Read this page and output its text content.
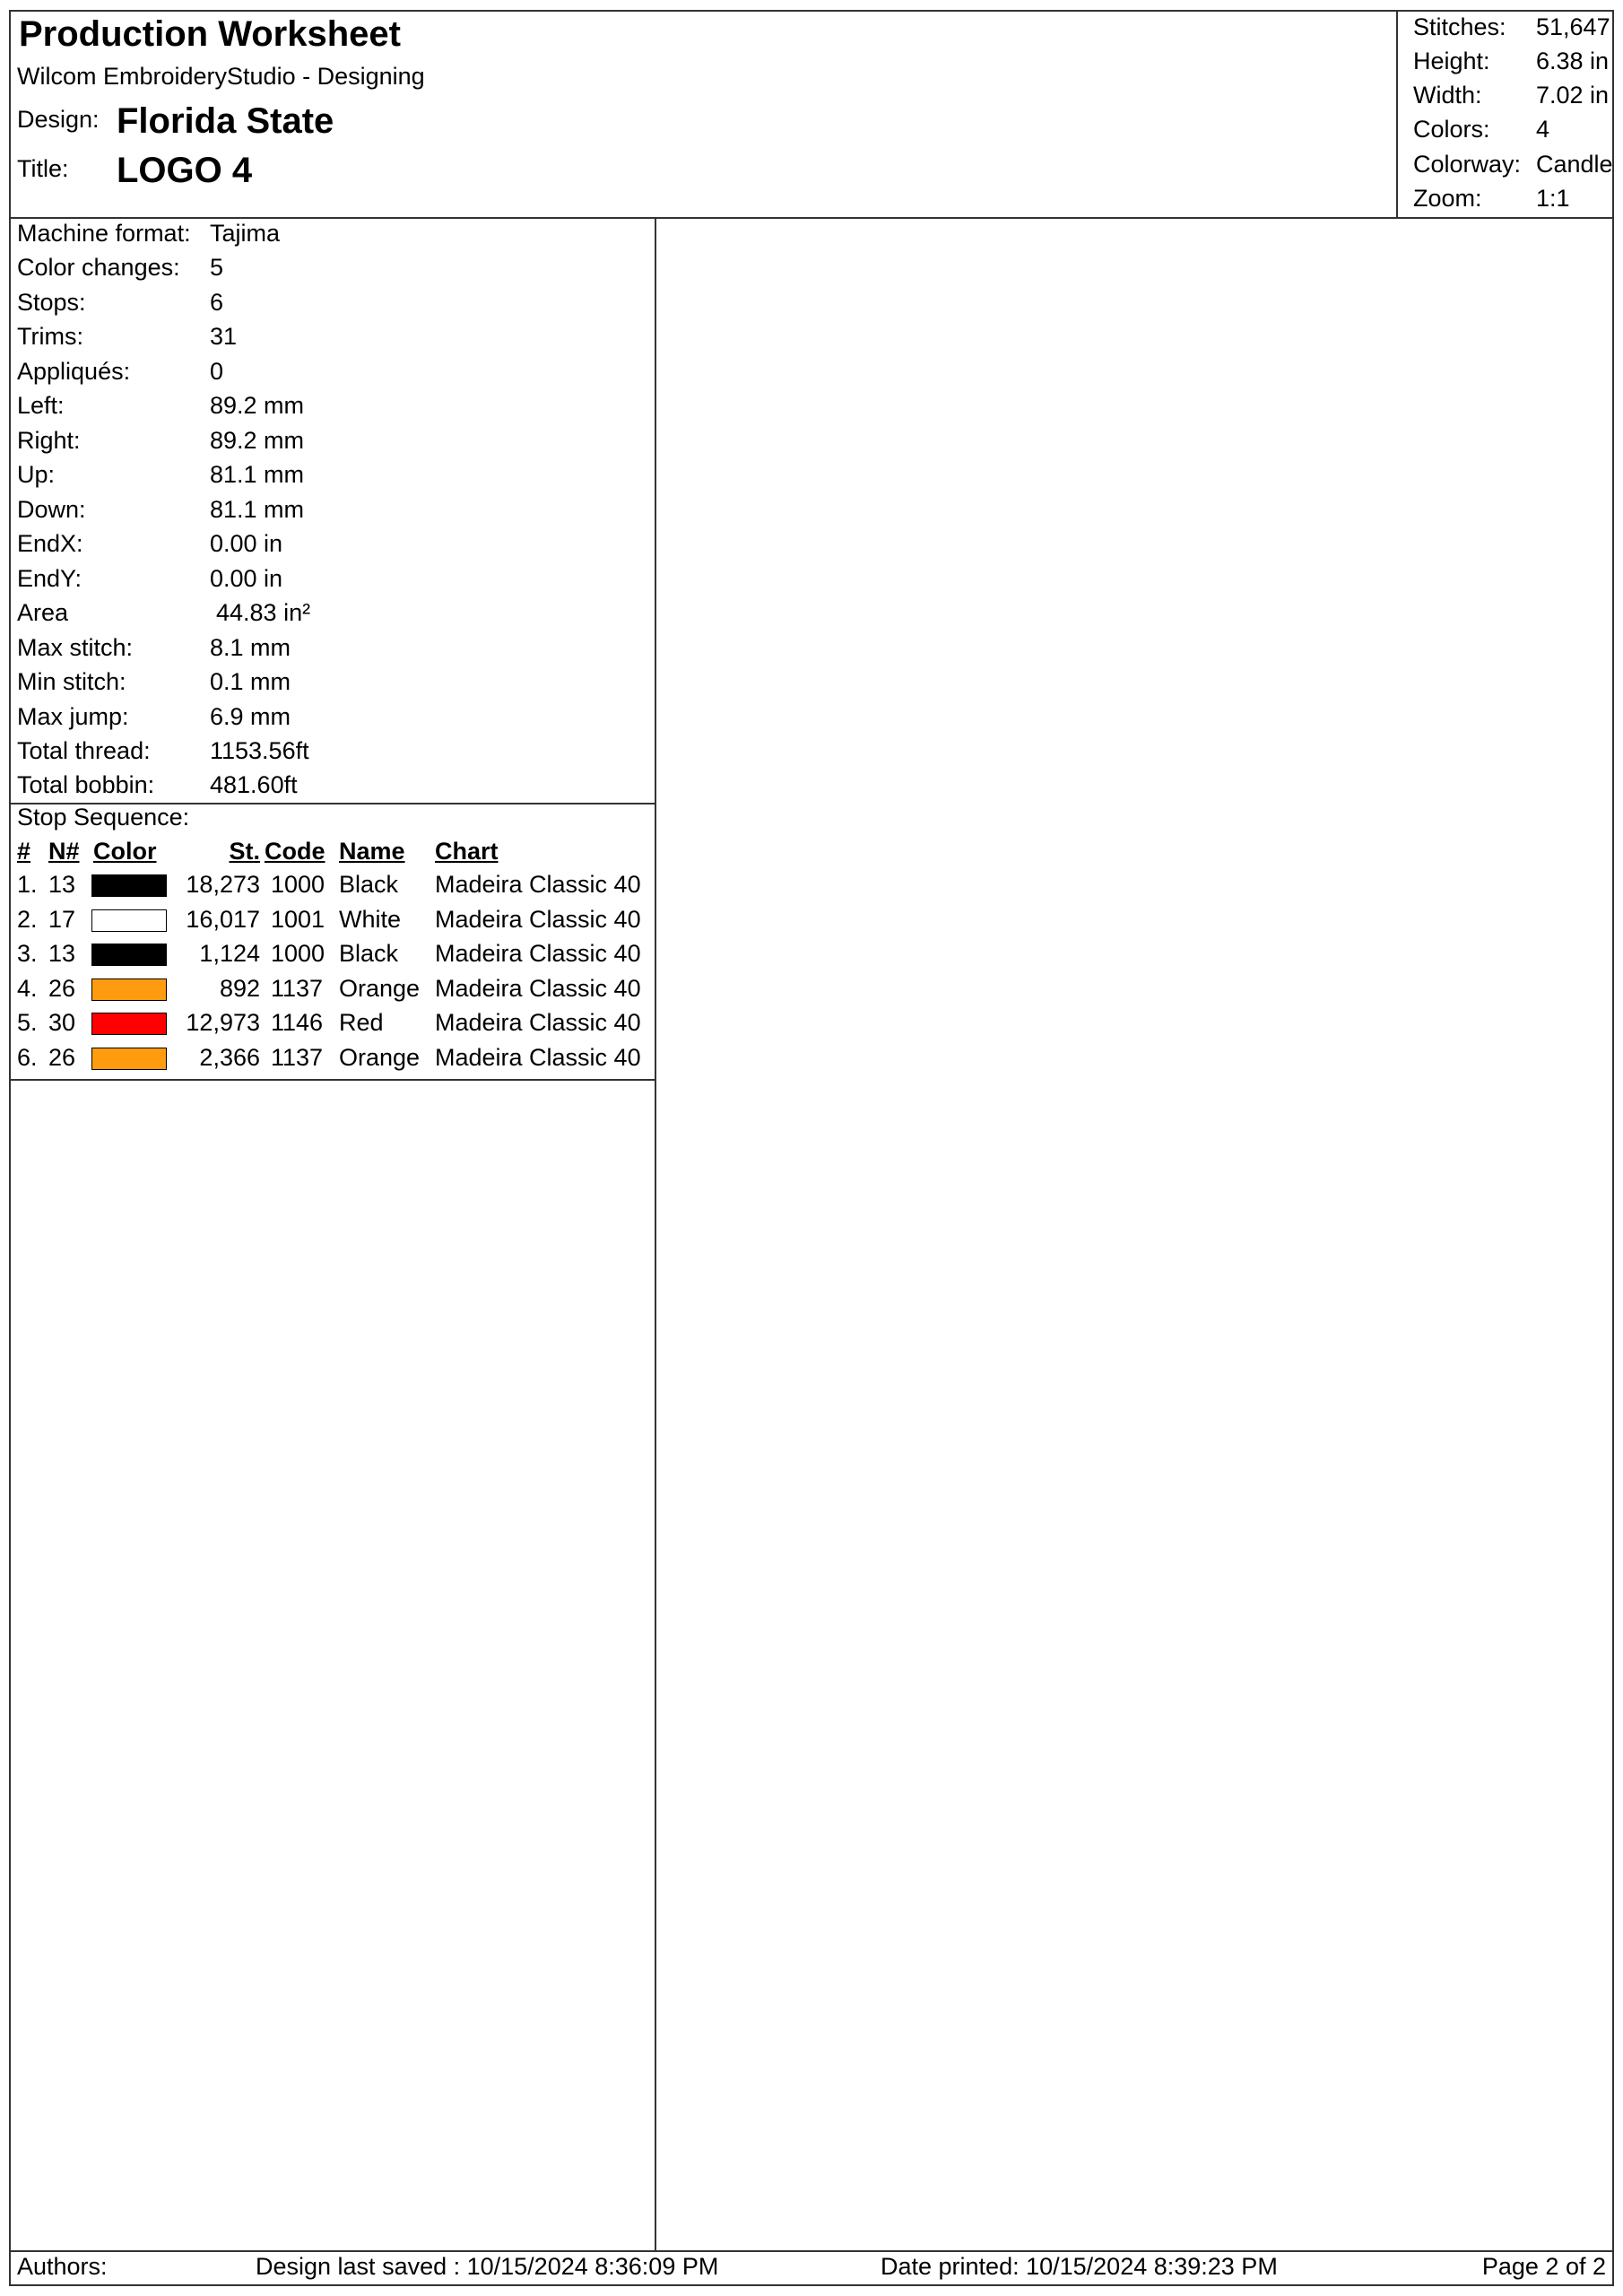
Production Worksheet
Wilcom EmbroideryStudio - Designing
Design: Florida State
Title: LOGO 4
Stitches: 51,647
Height: 6.38 in
Width: 7.02 in
Colors: 4
Colorway: Candle
Zoom: 1:1
Machine format: Tajima
Color changes: 5
Stops:	6
Trims:	31
Appliqués:	0
Left:	89.2 mm
Right:	89.2 mm
Up:	81.1 mm
Down:	81.1 mm
EndX:	0.00 in
EndY:	0.00 in
Area	44.83 in²
Max stitch:	8.1 mm
Min stitch:	0.1 mm
Max jump:	6.9 mm
Total thread: 1153.56ft
Total bobbin: 481.60ft
Stop Sequence:
# N# Color	St. Code Name Chart
1. 13	18,273 1000 Black Madeira Classic 40
2. 17	16,017 1001 White Madeira Classic 40
3. 13	1,124 1000 Black Madeira Classic 40
4. 26	892 1137 Orange Madeira Classic 40
5. 30	12,973 1146 Red Madeira Classic 40
6. 26	2,366 1137 Orange Madeira Classic 40
Authors:	Design last saved : 10/15/2024 8:36:09 PM	Date printed: 10/15/2024 8:39:23 PM	Page 2 of 2
